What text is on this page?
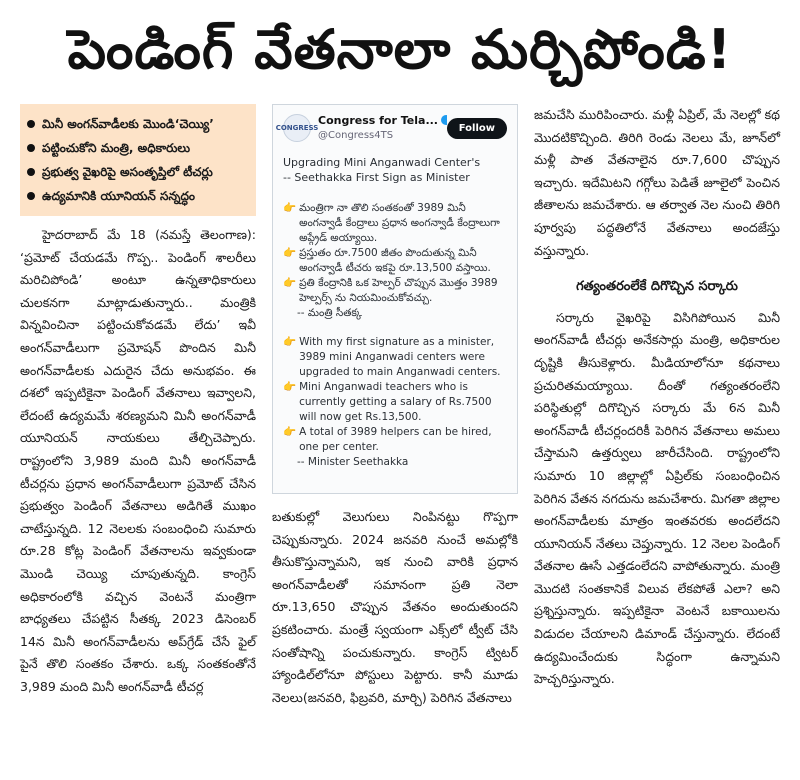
పెండింగ్ వేతనాలా మర్చిపోండి!
మినీ అంగన్‌వాడీలకు మొండి‘చెయ్యి’
పట్టించుకోని మంత్రి, అధికారులు
ప్రభుత్వ వైఖరిపై అసంతృప్తిలో టీచర్లు
ఉద్యమానికి యూనియన్ సన్నద్ధం

హైదరాబాద్ మే 18 (నమస్తే తెలంగాణ): ‘ప్రమోట్ చేయడమే గొప్ప.. పెండింగ్ శాలరీలు మరిచిపోండి’ అంటూ ఉన్నతాధికారులు చులకనగా మాట్లాడుతున్నారు.. మంత్రికి విన్నవించినా పట్టించుకోవడమే లేదు’ ఇవీ అంగన్‌వాడీలుగా ప్రమోషన్ పొందిన మినీ అంగన్‌వాడీలకు ఎదురైన చేదు అనుభవం. ఈ దశలో ఇప్పటికైనా పెండింగ్ వేతనాలు ఇవ్వాలని, లేదంటే ఉద్యమమే శరణ్యమని మినీ అంగన్‌వాడీ యూనియన్ నాయకులు తేల్చిచెప్పారు. రాష్ట్రంలోని 3,989 మంది మినీ అంగన్‌వాడీ టీచర్లను ప్రధాన అంగన్‌వాడీలుగా ప్రమోట్ చేసిన ప్రభుత్వం పెండింగ్ వేతనాలు అడిగితే ముఖం చాటేస్తున్నది. 12 నెలలకు సంబంధించి సుమారు రూ.28 కోట్ల పెండింగ్ వేతనాలను ఇవ్వకుండా మొండి చెయ్యి చూపుతున్నది. కాంగ్రెస్ అధికారంలోకి వచ్చిన వెంటనే మంత్రిగా బాధ్యతలు చేపట్టిన సీతక్క 2023 డిసెంబర్ 14న మినీ అంగన్‌వాడీలను అప్‌గ్రేడ్ చేసే ఫైల్ పైనే తొలి సంతకం చేశారు. ఒక్క సంతకంతోనే 3,989 మంది మినీ అంగన్‌వాడీ టీచర్ల

CONGRESS
Congress for Tela...
@Congress4TS
Follow
Upgrading Mini Anganwadi Center's
-- Seethakka First Sign as Minister
👉 మంత్రిగా నా తొలి సంతకంతో 3989 మినీ అంగన్వాడీ కేంద్రాలు ప్రధాన అంగన్వాడీ కేంద్రాలుగా అప్గ్రేడ్ అయ్యాయి.
👉 ప్రస్తుతం రూ.7500 జీతం పొందుతున్న మినీ అంగన్వాడీ టీచరు ఇకపై రూ.13,500 వస్తాయి.
👉 ప్రతి కేంద్రానికి ఒక హెల్పర్ చొప్పున మొత్తం 3989 హెల్పర్స్ ను నియమించుకోవచ్చు.
-- మంత్రి సీతక్క
👉 With my first signature as a minister, 3989 mini Anganwadi centers were upgraded to main Anganwadi centers.
👉 Mini Anganwadi teachers who is currently getting a salary of Rs.7500 will now get Rs.13,500.
👉 A total of 3989 helpers can be hired, one per center.
-- Minister Seethakka
బతుకుల్లో వెలుగులు నింపినట్టు గొప్పగా చెప్పుకున్నారు. 2024 జనవరి నుంచే అమల్లోకి తీసుకొస్తున్నామని, ఇక నుంచి వారికి ప్రధాన అంగన్‌వాడీలతో సమానంగా ప్రతి నెలా రూ.13,650 చొప్పున వేతనం అందుతుందని ప్రకటించారు. మంత్రే స్వయంగా ఎక్స్‌లో ట్వీట్ చేసి సంతోషాన్ని పంచుకున్నారు. కాంగ్రెస్ ట్విటర్ హ్యాండిల్‌లోనూ పోస్టులు పెట్టారు. కానీ మూడు నెలలు(జనవరి, ఫిబ్రవరి, మార్చి) పెరిగిన వేతనాలు

జమచేసి మురిపించారు. మళ్లీ ఏప్రిల్, మే నెలల్లో కథ మొదటికొచ్చింది. తిరిగి రెండు నెలలు మే, జూన్‌లో మళ్లీ పాత వేతనాలైన రూ.7,600 చొప్పున ఇచ్చారు. ఇదేమిటని గగ్గోలు పెడితే జూలైలో పెంచిన జీతాలను జమచేశారు. ఆ తర్వాత నెల నుంచి తిరిగి పూర్వపు పద్ధతిలోనే వేతనాలు అందజేస్తు వస్తున్నారు.

గత్యంతరంలేకే దిగొచ్చిన సర్కారు

సర్కారు వైఖరిపై విసిగిపోయిన మినీ అంగన్‌వాడీ టీచర్లు అనేకసార్లు మంత్రి, అధికారుల దృష్టికి తీసుకెళ్లారు. మీడియాలోనూ కథనాలు ప్రచురితమయ్యాయి. దీంతో గత్యంతరంలేని పరిస్థితుల్లో దిగొచ్చిన సర్కారు మే 6న మినీ అంగన్‌వాడీ టీచర్లందరికీ పెరిగిన వేతనాలు అమలు చేస్తామని ఉత్తర్వులు జారీచేసింది. రాష్ట్రంలోని సుమారు 10 జిల్లాల్లో ఏప్రిల్‌కు సంబంధించిన పెరిగిన వేతన నగదును జమచేశారు. మిగతా జిల్లాల అంగన్‌వాడీలకు మాత్రం ఇంతవరకు అందలేదని యూనియన్ నేతలు చెప్తున్నారు. 12 నెలల పెండింగ్ వేతనాల ఊసే ఎత్తడంలేదని వాపోతున్నారు. మంత్రి మొదటి సంతకానికే విలువ లేకపోతే ఎలా? అని ప్రశ్నిస్తున్నారు. ఇప్పటికైనా వెంటనే బకాయిలను విడుదల చేయాలని డిమాండ్ చేస్తున్నారు. లేదంటే ఉద్యమించేందుకు సిద్ధంగా ఉన్నామని హెచ్చరిస్తున్నారు.
